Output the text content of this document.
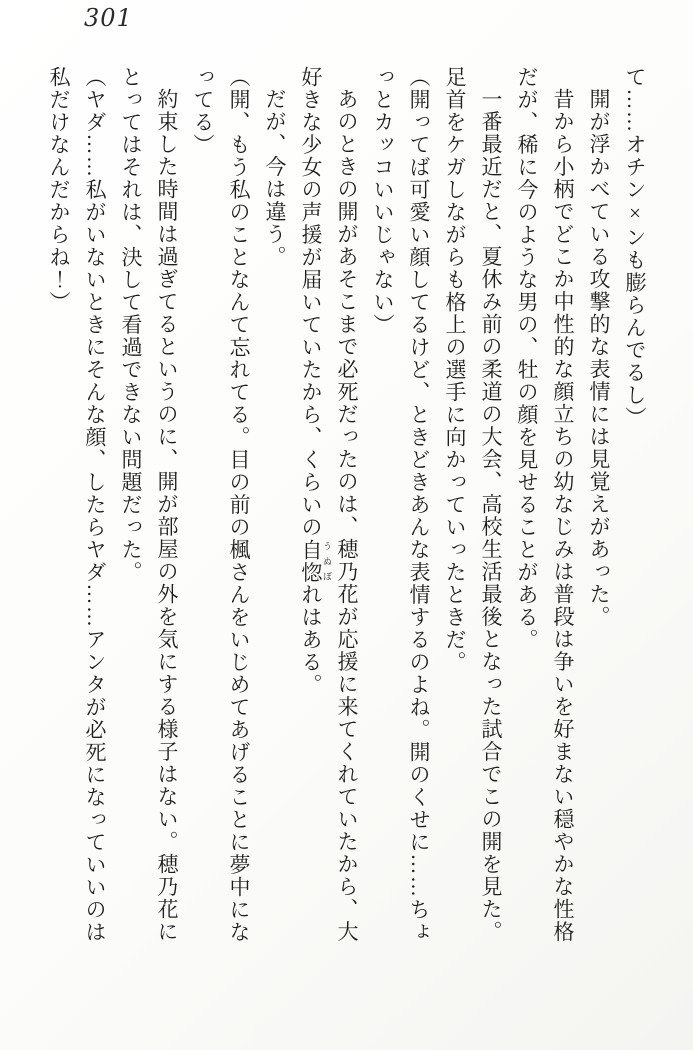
301

て……オチン×ンも膨らんでるし）

開が浮かべている攻撃的な表情には見覚えがあった。

昔から小柄でどこか中性的な顔立ちの幼なじみは普段は争いを好まない穏やかな性格だが、稀に今のような男の、牡の顔を見せることがある。

一番最近だと、夏休み前の柔道の大会、高校生活最後となった試合でこの開を見た。足首をケガしながらも格上の選手に向かっていったときだ。

（開ってば可愛い顔してるけど、ときどきあんな表情するのよね。開のくせに……ちょっとカッコいいじゃない）

あのときの開があそこまで必死だったのは、穂乃花が応援に来てくれていたから、大好きな少女の声援が届いていたから、くらいの自惚 うぬぼれはある。

だが、今は違う。

（開、もう私のことなんて忘れてる。目の前の楓さんをいじめてあげることに夢中になってる）

約束した時間は過ぎてるというのに、開が部屋の外を気にする様子はない。穂乃花にとってはそれは、決して看過できない問題だった。

（ヤダ……私がいないときにそんな顔、したらヤダ……アンタが必死になっていいのは私だけなんだからね！）
